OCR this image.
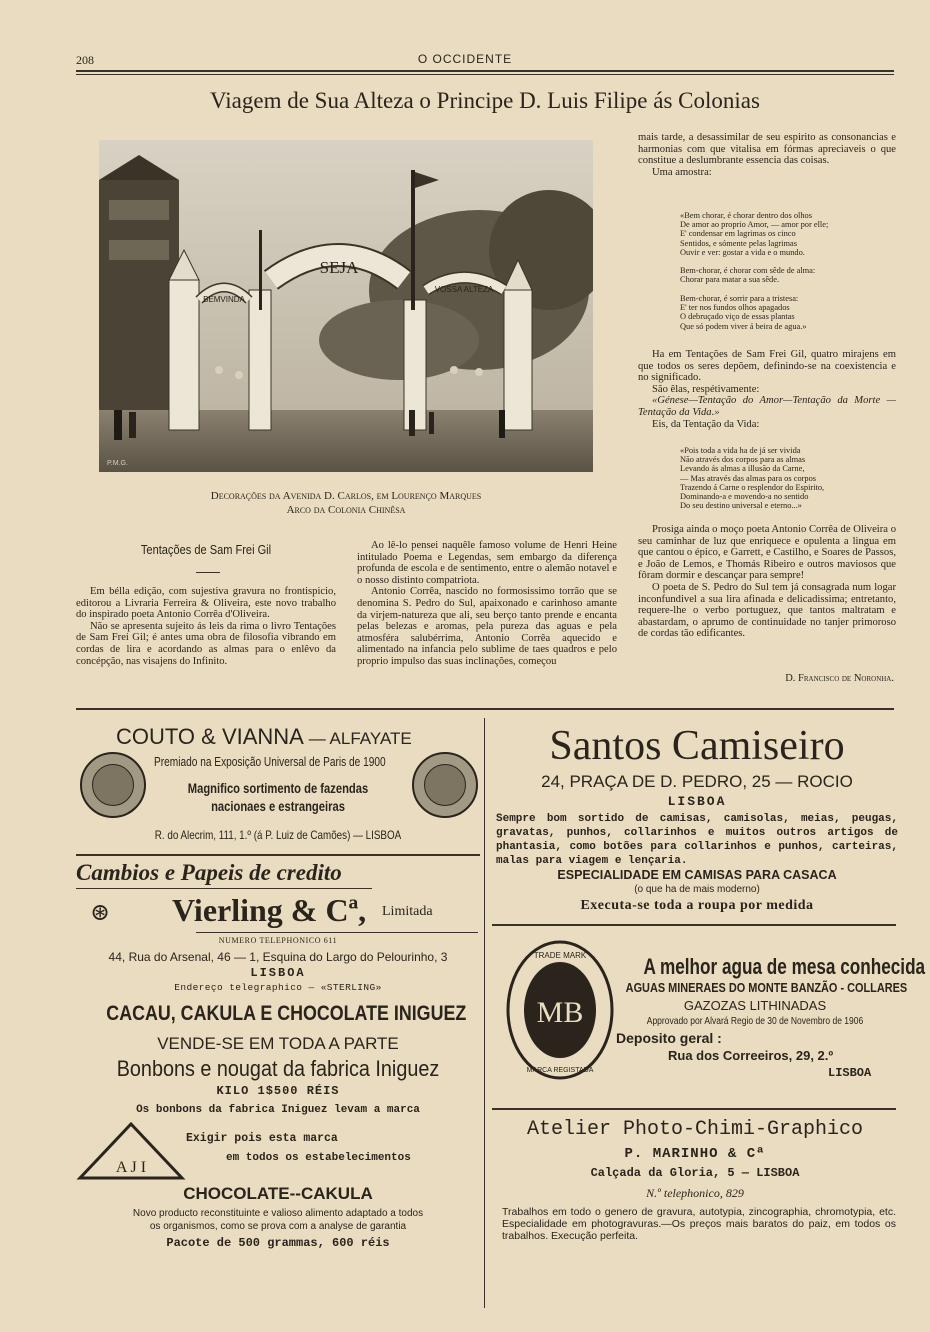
208	O OCCIDENTE
Viagem de Sua Alteza o Principe D. Luis Filipe ás Colonias
SEJA
BEMVINDA
VOSSA ALTEZA
P.M.G.
Decorações da Avenida D. Carlos, em Lourenço Marques
Arco da Colonia Chinêsa
mais tarde, a desassimilar de seu espirito as consonancias e harmonias com que vitalisa em fórmas apreciaveis o que constitue a deslumbrante essencia das coisas.
Uma amostra:
«Bem chorar, é chorar dentro dos olhos
De amor ao proprio Amor, — amor por elle;
E' condensar em lagrimas os cinco
Sentidos, e sómente pelas lagrimas
Ouvir e ver: gostar a vida e o mundo.
Bem-chorar, é chorar com sêde de alma:
Chorar para matar a sua sêde.
Bem-chorar, é sorrir para a tristesa:
E' ter nos fundos olhos apagados
O debruçado viço de essas plantas
Que só podem viver á beira de agua.»
Ha em Tentações de Sam Frei Gil, quatro mirajens em que todos os seres depõem, definindo-se na coexistencia e no significado.
São êlas, respétivamente:
«Génese—Tentação do Amor—Tentação da Morte —Tentação da Vida.»
Eis, da Tentação da Vida:
«Pois toda a vida ha de já ser vivida
Não através dos corpos para as almas
Levando ás almas a illusão da Carne,
— Mas através das almas para os corpos
Trazendo á Carne o resplendor do Espirito,
Dominando-a e movendo-a no sentido
Do seu destino universal e eterno...»
Prosiga ainda o moço poeta Antonio Corrêa de Oliveira o seu caminhar de luz que enriquece e opulenta a lingua em que cantou o épico, e Garrett, e Castilho, e Soares de Passos, e João de Lemos, e Thomás Ribeiro e outros maviosos que fôram dormir e descançar para sempre!
O poeta de S. Pedro do Sul tem já consagrada num logar inconfundivel a sua lira afinada e delicadissima; entretanto, requere-lhe o verbo portuguez, que tantos maltratam e abastardam, o aprumo de continuidade no tanjer primoroso de cordas tão edificantes.
D. Francisco de Noronha.
Tentações de Sam Frei Gil
Em bélla edição, com sujestiva gravura no frontispicio, editorou a Livraria Ferreira & Oliveira, este novo trabalho do inspirado poeta Antonio Corrêa d'Oliveira.
Não se apresenta sujeito ás leis da rima o livro Tentações de Sam Frei Gil; é antes uma obra de filosofia vibrando em cordas de lira e acordando as almas para o enlêvo da concépção, nas visajens do Infinito.
Ao lê-lo pensei naquêle famoso volume de Henri Heine intitulado Poema e Legendas, sem embargo da diferença profunda de escola e de sentimento, entre o alemão notavel e o nosso distinto compatriota.
Antonio Corrêa, nascido no formosissimo torrão que se denomina S. Pedro do Sul, apaixonado e carinhoso amante da virjem-natureza que ali, seu berço tanto prende e encanta pelas belezas e aromas, pela pureza das aguas e pela atmosféra salubérrima, Antonio Corrêa aquecido e alimentado na infancia pelo sublime de taes quadros e pelo proprio impulso das suas inclinações, começou
COUTO & VIANNA — ALFAYATE
Premiado na Exposição Universal de Paris de 1900
Magnifico sortimento de fazendas
nacionaes e estrangeiras
R. do Alecrim, 111, 1.º (á P. Luiz de Camões) — LISBOA
Cambios e Papeis de credito
⊛ Vierling & Cª, Limitada
NUMERO TELEPHONICO 611
44, Rua do Arsenal, 46 — 1, Esquina do Largo do Pelourinho, 3
LISBOA
Endereço telegraphico — «STERLING»
CACAU, CAKULA E CHOCOLATE INIGUEZ
VENDE-SE EM TODA A PARTE
Bonbons e nougat da fabrica Iniguez
KILO 1$500 RÉIS
Os bonbons da fabrica Iniguez levam a marca
A J I
Exigir pois esta marca
em todos os estabelecimentos
CHOCOLATE--CAKULA
Novo producto reconstituinte e valioso alimento adaptado a todos
os organismos, como se prova com a analyse de garantia
Pacote de 500 grammas, 600 réis
Santos Camiseiro
24, PRAÇA DE D. PEDRO, 25 — ROCIO
LISBOA
Sempre bom sortido de camisas, camisolas, meias, peugas, gravatas, punhos, collarinhos e muitos outros artigos de phantasia, como botões para collarinhos e punhos, carteiras, malas para viagem e lençaria.
ESPECIALIDADE EM CAMISAS PARA CASACA
(o que ha de mais moderno)
Executa-se toda a roupa por medida
MB
TRADE MARK
MARCA REGISTADA
A melhor agua de mesa conhecida
AGUAS MINERAES DO MONTE BANZÃO - COLLARES
GAZOZAS LITHINADAS
Approvado por Alvará Regio de 30 de Novembro de 1906
Deposito geral :
Rua dos Correeiros, 29, 2.º
LISBOA
Atelier Photo-Chimi-Graphico
P. MARINHO & Cª
Calçada da Gloria, 5 — LISBOA
N.º telephonico, 829
Trabalhos em todo o genero de gravura, autotypia, zincographia, chromotypia, etc. Especialidade em photogravuras.—Os preços mais baratos do paiz, em todos os trabalhos. Execução perfeita.
